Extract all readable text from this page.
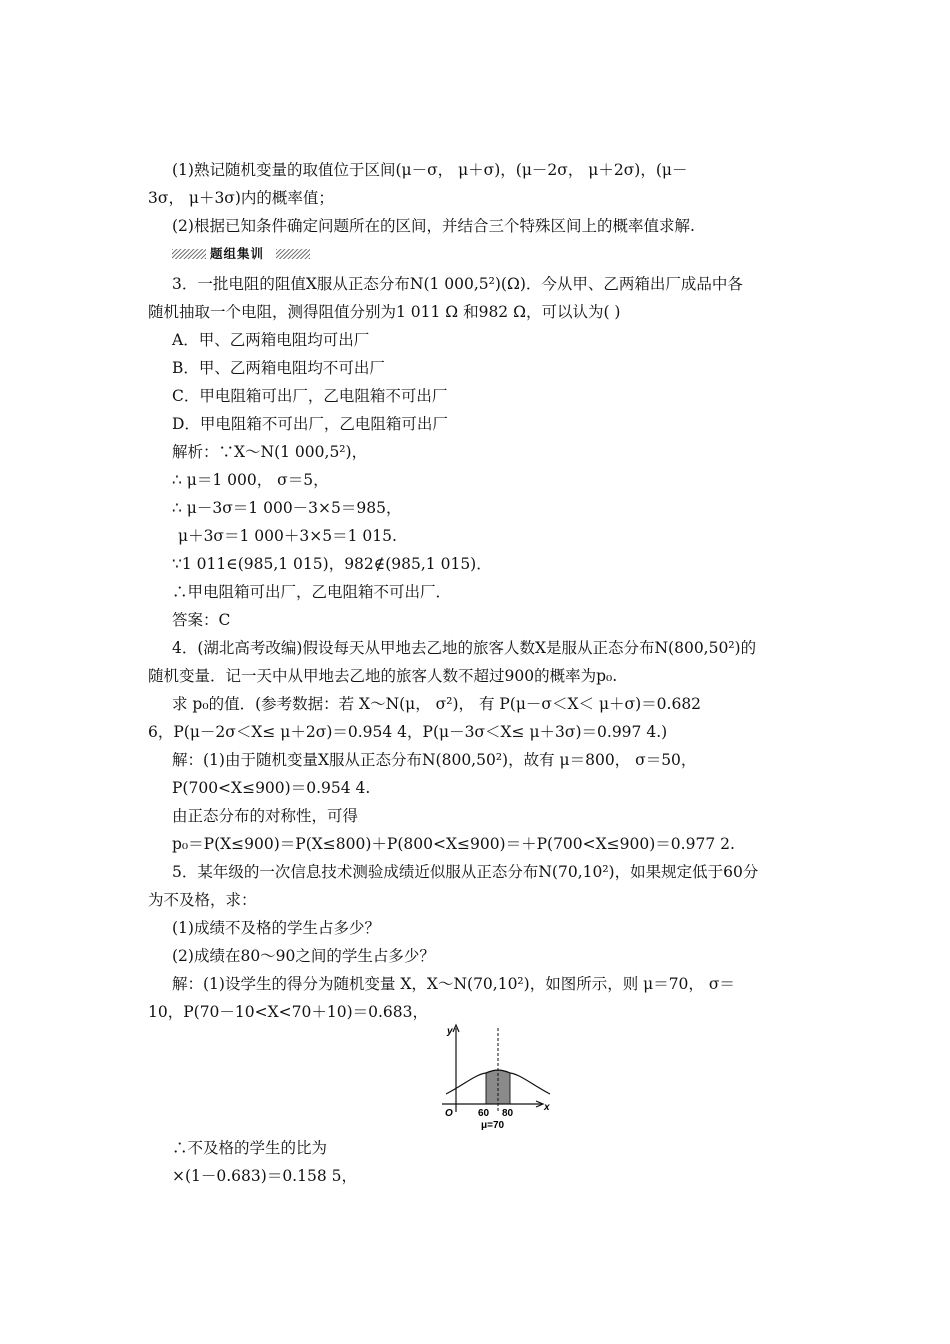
(1)熟记随机变量的取值位于区间(μ－σ， μ＋σ)，(μ－2σ， μ＋2σ)，(μ－
3σ， μ＋3σ)内的概率值；
(2)根据已知条件确定问题所在的区间，并结合三个特殊区间上的概率值求解.
题组集训
3．一批电阻的阻值X服从正态分布N(1 000,5²)(Ω)．今从甲、乙两箱出厂成品中各
随机抽取一个电阻，测得阻值分别为1 011 Ω 和982 Ω，可以认为( )
A．甲、乙两箱电阻均可出厂
B．甲、乙两箱电阻均不可出厂
C．甲电阻箱可出厂，乙电阻箱不可出厂
D．甲电阻箱不可出厂，乙电阻箱可出厂
解析：∵X～N(1 000,5²)，
∴ μ＝1 000， σ＝5，
∴ μ－3σ＝1 000－3×5＝985，
μ＋3σ＝1 000＋3×5＝1 015.
∵1 011∈(985,1 015)，982∉(985,1 015)．
∴甲电阻箱可出厂，乙电阻箱不可出厂．
答案：C
4．(湖北高考改编)假设每天从甲地去乙地的旅客人数X是服从正态分布N(800,50²)的
随机变量．记一天中从甲地去乙地的旅客人数不超过900的概率为p₀.
求 p₀的值．(参考数据：若 X～N(μ， σ²)， 有 P(μ－σ＜X＜ μ＋σ)＝0.682
6，P(μ－2σ＜X≤ μ＋2σ)＝0.954 4，P(μ－3σ＜X≤ μ＋3σ)＝0.997 4.)
解：(1)由于随机变量X服从正态分布N(800,50²)，故有 μ＝800， σ＝50，
P(700<X≤900)＝0.954 4.
由正态分布的对称性，可得
p₀＝P(X≤900)＝P(X≤800)＋P(800<X≤900)＝＋P(700<X≤900)＝0.977 2.
5．某年级的一次信息技术测验成绩近似服从正态分布N(70,10²)，如果规定低于60分
为不及格，求：
(1)成绩不及格的学生占多少？
(2)成绩在80～90之间的学生占多少？
解：(1)设学生的得分为随机变量 X，X～N(70,10²)，如图所示，则 μ＝70， σ＝
10，P(70－10<X<70＋10)＝0.683，
y
x
O	60 80
μ=70
∴不及格的学生的比为
×(1－0.683)＝0.158 5，
